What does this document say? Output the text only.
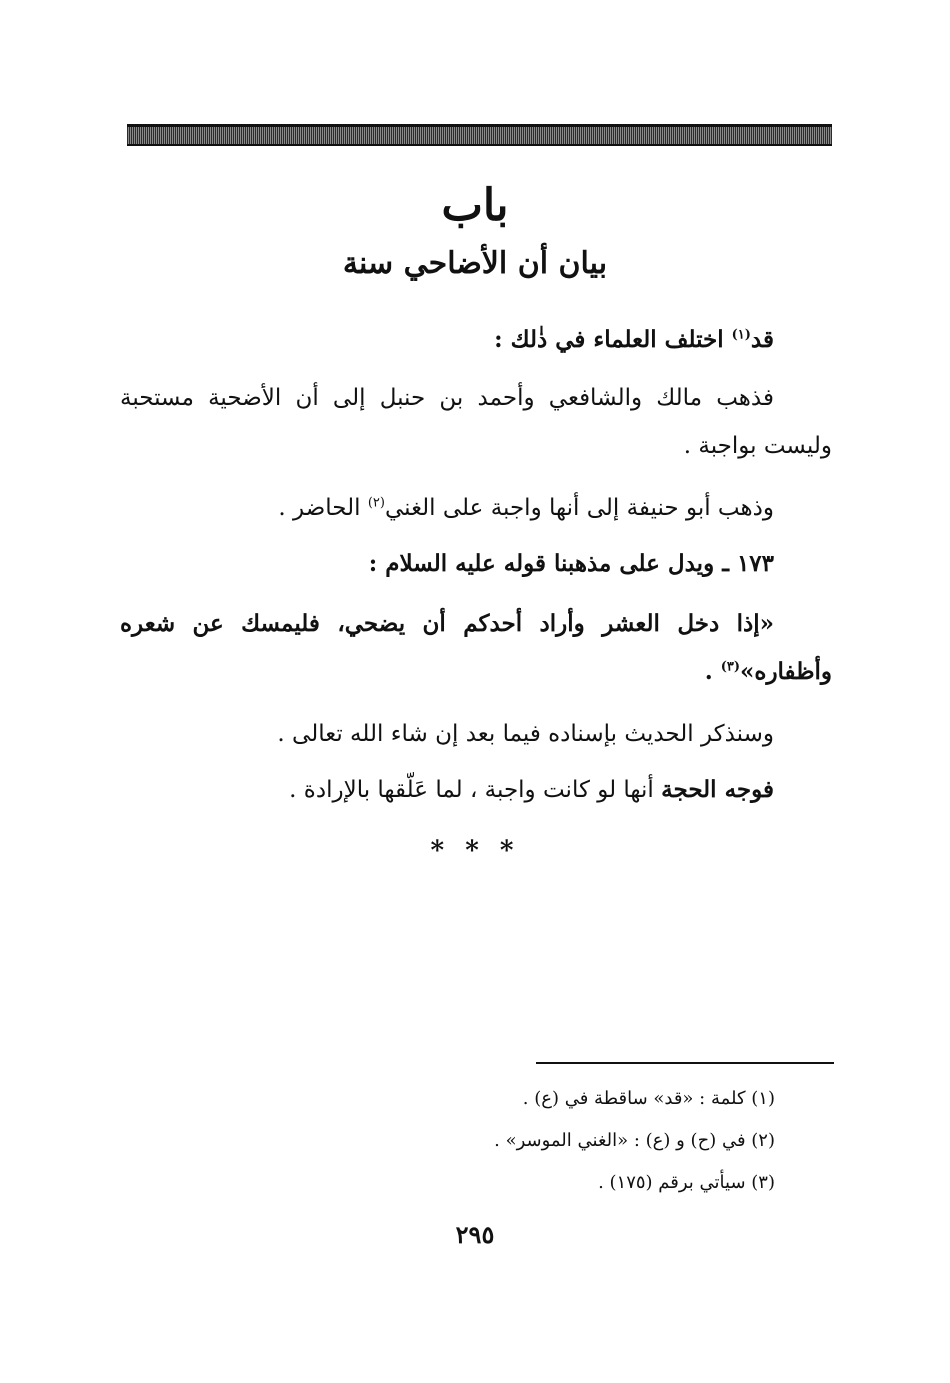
باب
بيان أن الأضاحي سنة
قد$^{(١)}$ اختلف العلماء في ذٰلك :
فذهب مالك والشافعي وأحمد بن حنبل إلى أن الأضحية مستحبة وليست بواجبة .
وذهب أبو حنيفة إلى أنها واجبة على الغني$^{(٢)}$ الحاضر .
١٧٣ ـ ويدل على مذهبنا قوله عليه السلام :
«إذا دخل العشر وأراد أحدكم أن يضحي، فليمسك عن شعره وأظفاره»$^{(٣)}$ .
وسنذكر الحديث بإسناده فيما بعد إن شاء الله تعالى .
فوجه الحجة أنها لو كانت واجبة ، لما عَلّقها بالإرادة .
* * *
(١) كلمة : «قد» ساقطة في (ع) .
(٢) في (ح) و (ع) : «الغني الموسر» .
(٣) سيأتي برقم (١٧٥) .
٢٩٥
